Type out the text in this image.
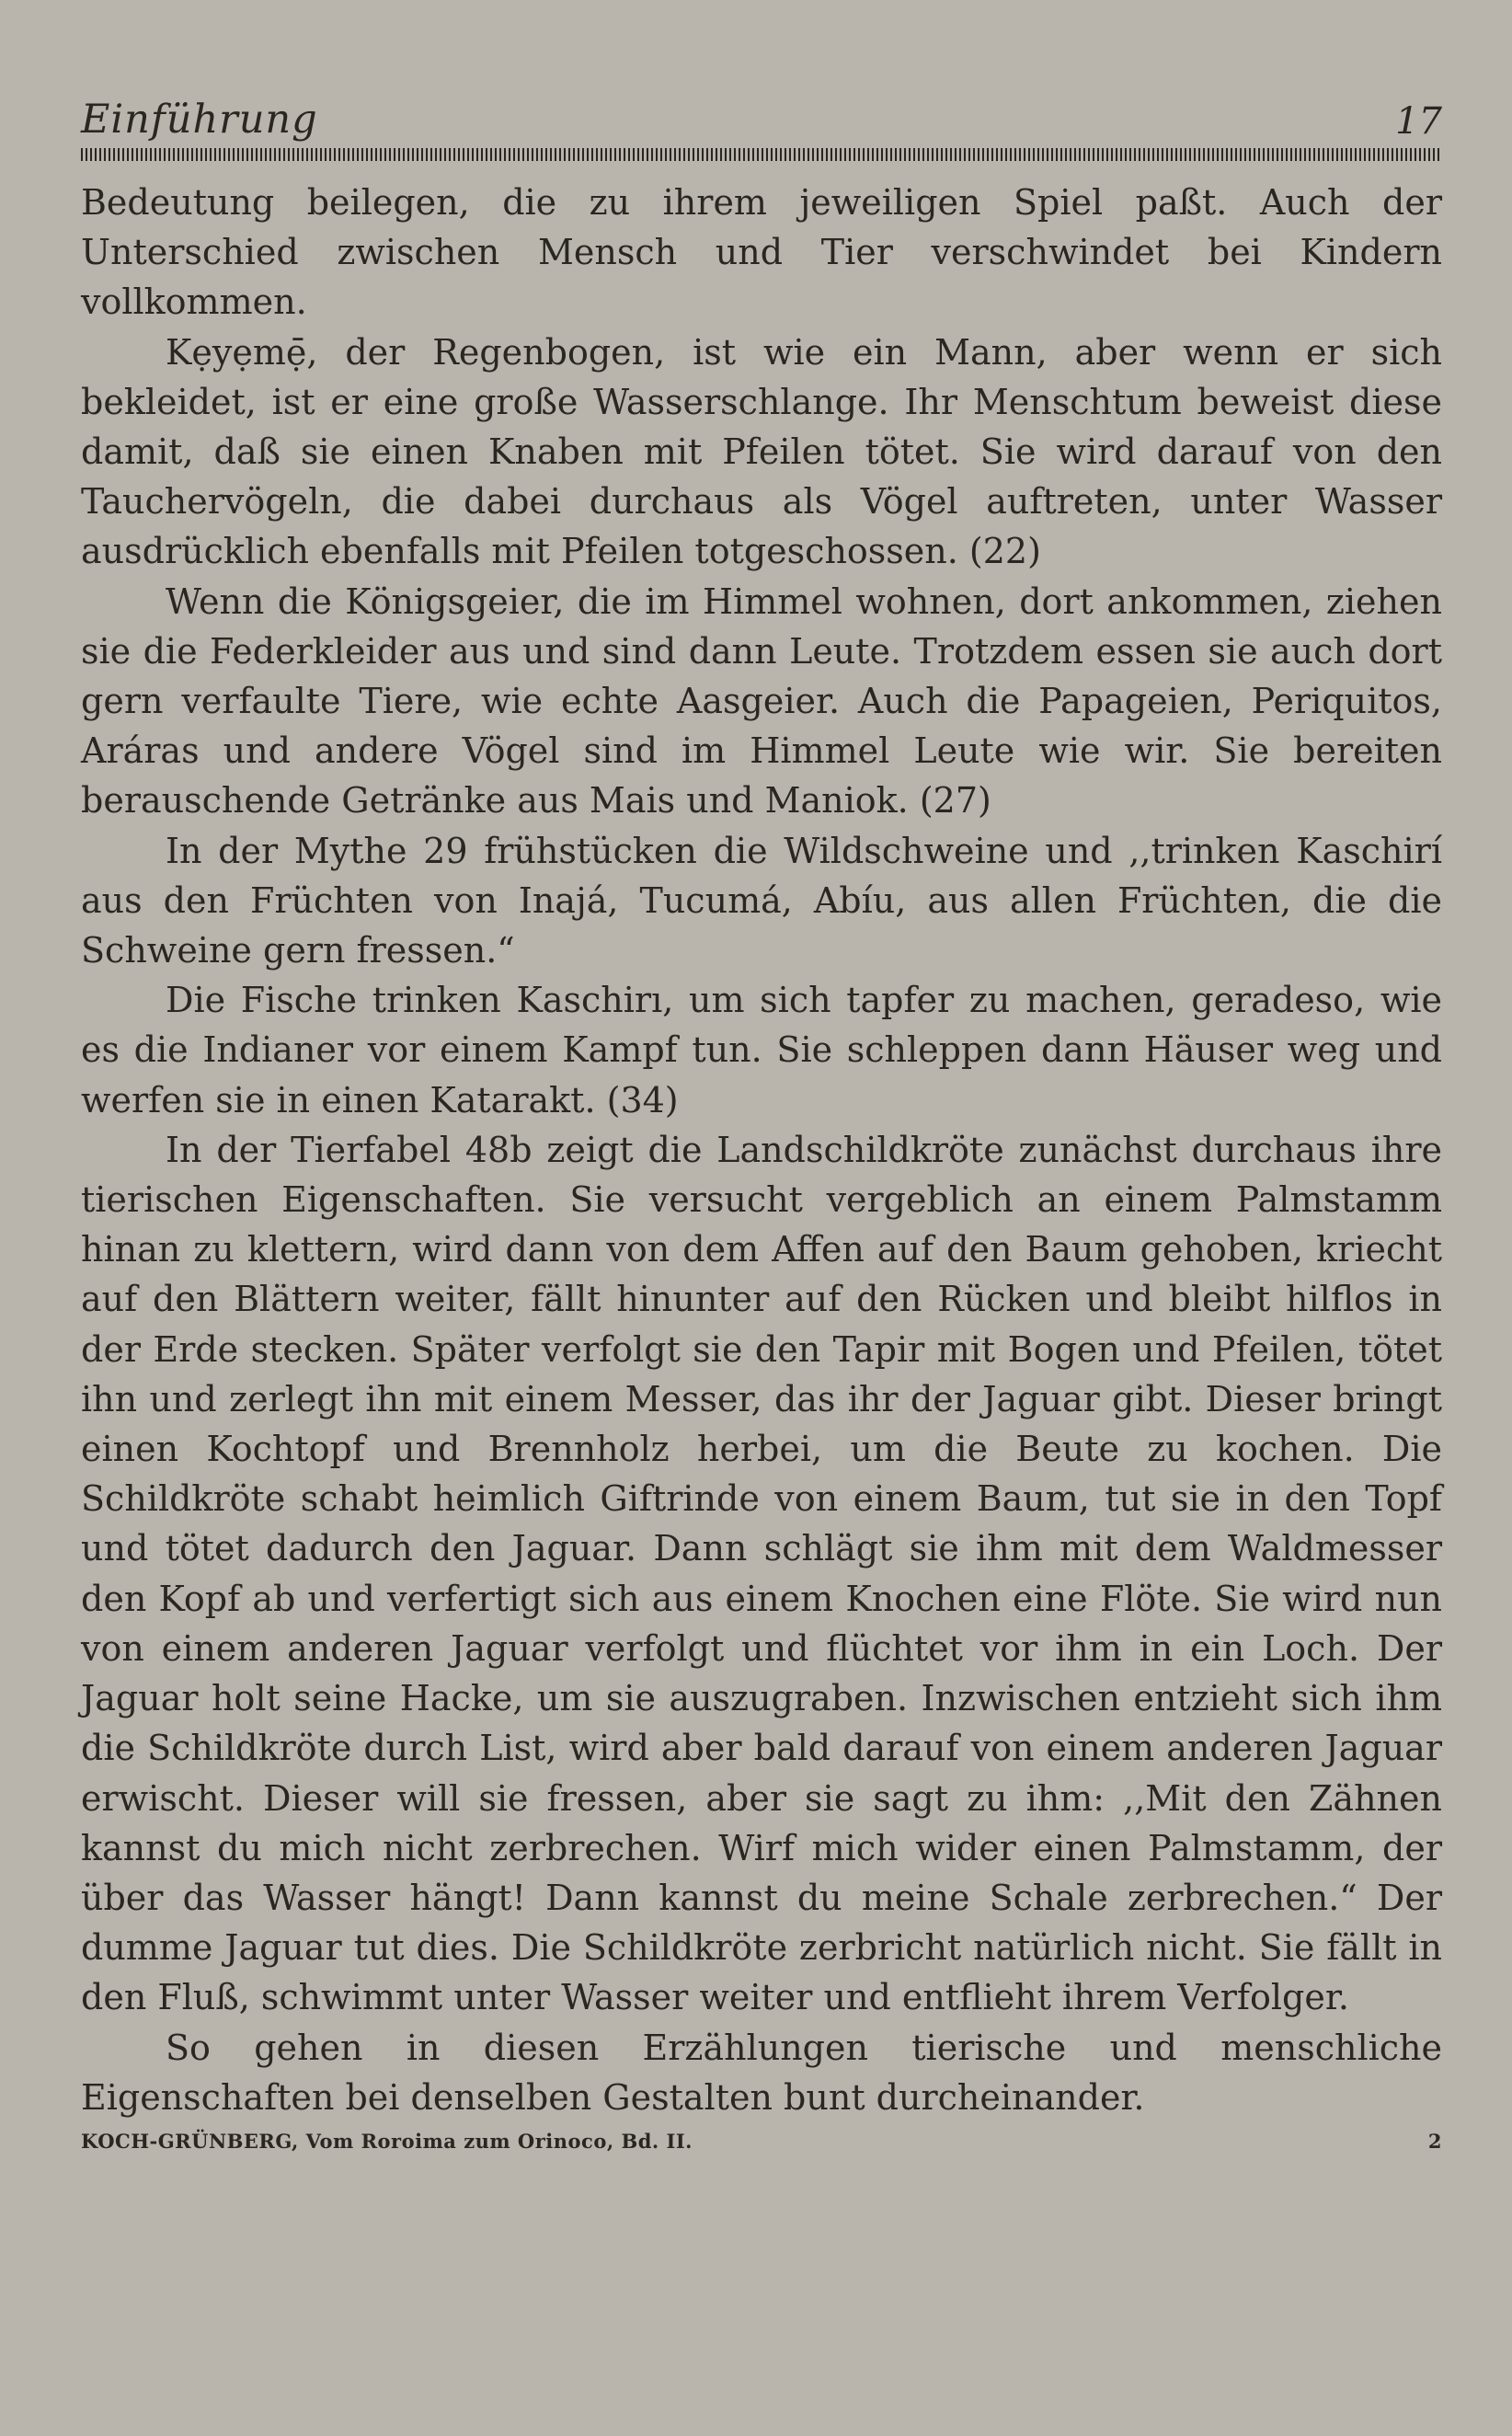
Einführung	17

Bedeutung beilegen, die zu ihrem jeweiligen Spiel paßt. Auch der Unterschied zwischen Mensch und Tier verschwindet bei Kindern vollkommen.

Kẹyẹmẹ̄, der Regenbogen, ist wie ein Mann, aber wenn er sich bekleidet, ist er eine große Wasserschlange. Ihr Menschtum beweist diese damit, daß sie einen Knaben mit Pfeilen tötet. Sie wird darauf von den Tauchervögeln, die dabei durchaus als Vögel auftreten, unter Wasser ausdrücklich ebenfalls mit Pfeilen totgeschossen. (22)

Wenn die Königsgeier, die im Himmel wohnen, dort ankommen, ziehen sie die Federkleider aus und sind dann Leute. Trotzdem essen sie auch dort gern verfaulte Tiere, wie echte Aasgeier. Auch die Papageien, Periquitos, Aráras und andere Vögel sind im Himmel Leute wie wir. Sie bereiten berauschende Getränke aus Mais und Maniok. (27)

In der Mythe 29 frühstücken die Wildschweine und ,,trinken Kaschirí aus den Früchten von Inajá, Tucumá, Abíu, aus allen Früchten, die die Schweine gern fressen.“

Die Fische trinken Kaschirı, um sich tapfer zu machen, geradeso, wie es die Indianer vor einem Kampf tun. Sie schleppen dann Häuser weg und werfen sie in einen Katarakt. (34)

In der Tierfabel 48b zeigt die Landschildkröte zunächst durchaus ihre tierischen Eigenschaften. Sie versucht vergeblich an einem Palmstamm hinan zu klettern, wird dann von dem Affen auf den Baum gehoben, kriecht auf den Blättern weiter, fällt hinunter auf den Rücken und bleibt hilflos in der Erde stecken. Später verfolgt sie den Tapir mit Bogen und Pfeilen, tötet ihn und zerlegt ihn mit einem Messer, das ihr der Jaguar gibt. Dieser bringt einen Kochtopf und Brennholz herbei, um die Beute zu kochen. Die Schildkröte schabt heimlich Giftrinde von einem Baum, tut sie in den Topf und tötet dadurch den Jaguar. Dann schlägt sie ihm mit dem Waldmesser den Kopf ab und verfertigt sich aus einem Knochen eine Flöte. Sie wird nun von einem anderen Jaguar verfolgt und flüchtet vor ihm in ein Loch. Der Jaguar holt seine Hacke, um sie auszugraben. Inzwischen entzieht sich ihm die Schildkröte durch List, wird aber bald darauf von einem anderen Jaguar erwischt. Dieser will sie fressen, aber sie sagt zu ihm: ,,Mit den Zähnen kannst du mich nicht zerbrechen. Wirf mich wider einen Palmstamm, der über das Wasser hängt! Dann kannst du meine Schale zerbrechen.“ Der dumme Jaguar tut dies. Die Schildkröte zerbricht natürlich nicht. Sie fällt in den Fluß, schwimmt unter Wasser weiter und entflieht ihrem Verfolger.

So gehen in diesen Erzählungen tierische und menschliche Eigenschaften bei denselben Gestalten bunt durcheinander.

KOCH-GRÜNBERG, Vom Roroima zum Orinoco, Bd. II.	2
